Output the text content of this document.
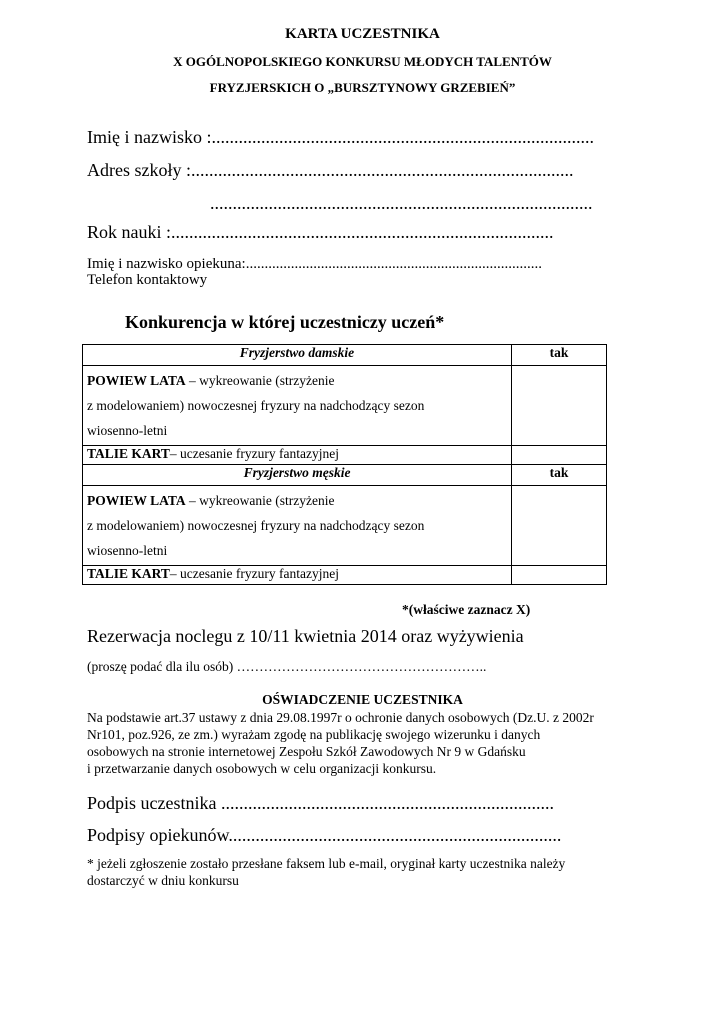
KARTA UCZESTNIKA
X OGÓLNOPOLSKIEGO KONKURSU MŁODYCH TALENTÓW
FRYZJERSKICH O „BURSZTYNOWY GRZEBIEŃ”
Imię i nazwisko :.....................................................................................
Adres szkoły :.....................................................................................
.....................................................................................
Rok nauki :.....................................................................................
Imię i nazwisko opiekuna:...............................................................................
Telefon kontaktowy
Konkurencja w której uczestniczy uczeń*
Fryzjerstwo damskie	tak
POWIEW LATA – wykreowanie (strzyżenie
z modelowaniem) nowoczesnej fryzury na nadchodzący sezon
wiosenno-letni	
TALIE KART– uczesanie fryzury fantazyjnej	
Fryzjerstwo męskie	tak
POWIEW LATA – wykreowanie (strzyżenie
z modelowaniem) nowoczesnej fryzury na nadchodzący sezon
wiosenno-letni	
TALIE KART– uczesanie fryzury fantazyjnej	
*(właściwe zaznacz X)
Rezerwacja noclegu z 10/11 kwietnia 2014 oraz wyżywienia
(proszę podać dla ilu osób) ………………………………………………..
OŚWIADCZENIE UCZESTNIKA
Na podstawie art.37 ustawy z dnia 29.08.1997r o ochronie danych osobowych (Dz.U. z 2002r
Nr101, poz.926, ze zm.) wyrażam zgodę na publikację swojego wizerunku i danych
osobowych na stronie internetowej Zespołu Szkół Zawodowych Nr 9 w Gdańsku
i przetwarzanie danych osobowych w celu organizacji konkursu.
Podpis uczestnika ..........................................................................
Podpisy opiekunów..........................................................................
* jeżeli zgłoszenie zostało przesłane faksem lub e-mail, oryginał karty uczestnika należy
dostarczyć w dniu konkursu
